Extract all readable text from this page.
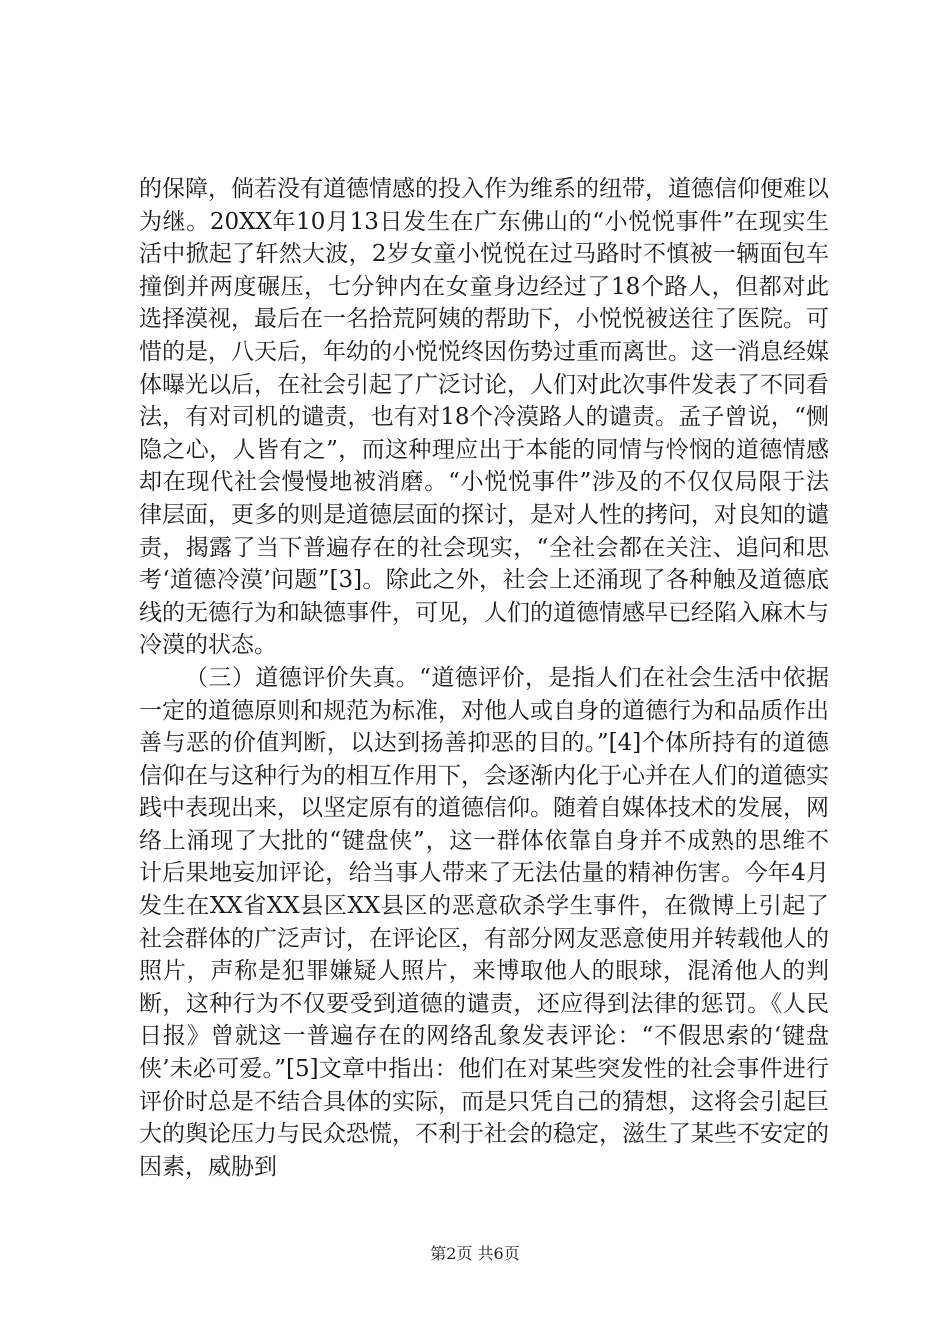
的保障，倘若没有道德情感的投入作为维系的纽带，道德信仰便难以为继。20XX年10月13日发生在广东佛山的“小悦悦事件”在现实生活中掀起了轩然大波，2岁女童小悦悦在过马路时不慎被一辆面包车撞倒并两度碾压，七分钟内在女童身边经过了18个路人，但都对此选择漠视，最后在一名拾荒阿姨的帮助下，小悦悦被送往了医院。可惜的是，八天后，年幼的小悦悦终因伤势过重而离世。这一消息经媒体曝光以后，在社会引起了广泛讨论，人们对此次事件发表了不同看法，有对司机的谴责，也有对18个冷漠路人的谴责。孟子曾说，“恻隐之心，人皆有之”，而这种理应出于本能的同情与怜悯的道德情感却在现代社会慢慢地被消磨。“小悦悦事件”涉及的不仅仅局限于法律层面，更多的则是道德层面的探讨，是对人性的拷问，对良知的谴责，揭露了当下普遍存在的社会现实，“全社会都在关注、追问和思考‘道德冷漠’问题”[3]。除此之外，社会上还涌现了各种触及道德底线的无德行为和缺德事件，可见，人们的道德情感早已经陷入麻木与冷漠的状态。

（三）道德评价失真。“道德评价，是指人们在社会生活中依据一定的道德原则和规范为标准，对他人或自身的道德行为和品质作出善与恶的价值判断，以达到扬善抑恶的目的。”[4]个体所持有的道德信仰在与这种行为的相互作用下，会逐渐内化于心并在人们的道德实践中表现出来，以坚定原有的道德信仰。随着自媒体技术的发展，网络上涌现了大批的“键盘侠”，这一群体依靠自身并不成熟的思维不计后果地妄加评论，给当事人带来了无法估量的精神伤害。今年4月发生在XX省XX县区XX县区的恶意砍杀学生事件，在微博上引起了社会群体的广泛声讨，在评论区，有部分网友恶意使用并转载他人的照片，声称是犯罪嫌疑人照片，来博取他人的眼球，混淆他人的判断，这种行为不仅要受到道德的谴责，还应得到法律的惩罚。《人民日报》曾就这一普遍存在的网络乱象发表评论：“不假思索的‘键盘侠’未必可爱。”[5]文章中指出：他们在对某些突发性的社会事件进行评价时总是不结合具体的实际，而是只凭自己的猜想，这将会引起巨大的舆论压力与民众恐慌，不利于社会的稳定，滋生了某些不安定的因素，威胁到

第2页 共6页
